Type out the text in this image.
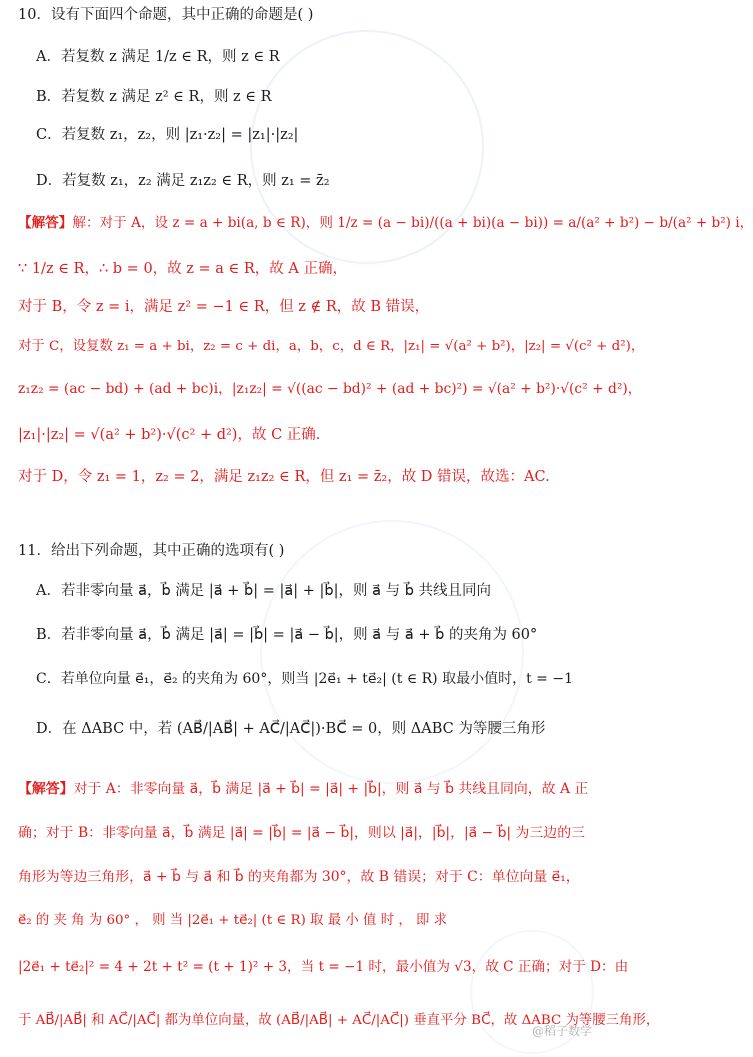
10．设有下面四个命题，其中正确的命题是( )
A．若复数 z 满足 1/z ∈ R，则 z ∈ R
B．若复数 z 满足 z² ∈ R，则 z ∈ R
C．若复数 z₁，z₂，则 |z₁·z₂| = |z₁|·|z₂|
D．若复数 z₁，z₂ 满足 z₁z₂ ∈ R，则 z₁ = z̄₂
【解答】解：对于 A，设 z = a + bi(a, b ∈ R)，则 1/z = (a − bi)/((a + bi)(a − bi)) = a/(a² + b²) − b/(a² + b²) i，
∵ 1/z ∈ R，∴ b = 0，故 z = a ∈ R，故 A 正确，
对于 B，令 z = i，满足 z² = −1 ∈ R，但 z ∉ R，故 B 错误，
对于 C，设复数 z₁ = a + bi，z₂ = c + di，a，b，c，d ∈ R，|z₁| = √(a² + b²)，|z₂| = √(c² + d²)，
z₁z₂ = (ac − bd) + (ad + bc)i，|z₁z₂| = √((ac − bd)² + (ad + bc)²) = √(a² + b²)·√(c² + d²)，
|z₁|·|z₂| = √(a² + b²)·√(c² + d²)，故 C 正确.
对于 D，令 z₁ = 1，z₂ = 2，满足 z₁z₂ ∈ R，但 z₁ = z̄₂，故 D 错误，故选：AC.
11．给出下列命题，其中正确的选项有( )
A．若非零向量 a⃗，b⃗ 满足 |a⃗ + b⃗| = |a⃗| + |b⃗|，则 a⃗ 与 b⃗ 共线且同向
B．若非零向量 a⃗，b⃗ 满足 |a⃗| = |b⃗| = |a⃗ − b⃗|，则 a⃗ 与 a⃗ + b⃗ 的夹角为 60°
C．若单位向量 e⃗₁，e⃗₂ 的夹角为 60°，则当 |2e⃗₁ + te⃗₂| (t ∈ R) 取最小值时，t = −1
D．在 ΔABC 中，若 (AB⃗/|AB⃗| + AC⃗/|AC⃗|)·BC⃗ = 0，则 ΔABC 为等腰三角形
【解答】对于 A：非零向量 a⃗，b⃗ 满足 |a⃗ + b⃗| = |a⃗| + |b⃗|，则 a⃗ 与 b⃗ 共线且同向，故 A 正
确；对于 B：非零向量 a⃗，b⃗ 满足 |a⃗| = |b⃗| = |a⃗ − b⃗|，则以 |a⃗|，|b⃗|，|a⃗ − b⃗| 为三边的三
角形为等边三角形，a⃗ + b⃗ 与 a⃗ 和 b⃗ 的夹角都为 30°，故 B 错误；对于 C：单位向量 e⃗₁，
e⃗₂ 的 夹 角 为 60° ， 则 当 |2e⃗₁ + te⃗₂| (t ∈ R) 取 最 小 值 时 ， 即 求
|2e⃗₁ + te⃗₂|² = 4 + 2t + t² = (t + 1)² + 3，当 t = −1 时，最小值为 √3，故 C 正确；对于 D：由
于 AB⃗/|AB⃗| 和 AC⃗/|AC⃗| 都为单位向量，故 (AB⃗/|AB⃗| + AC⃗/|AC⃗|) 垂直平分 BC⃗，故 ΔABC 为等腰三角形，
@稻子数学
